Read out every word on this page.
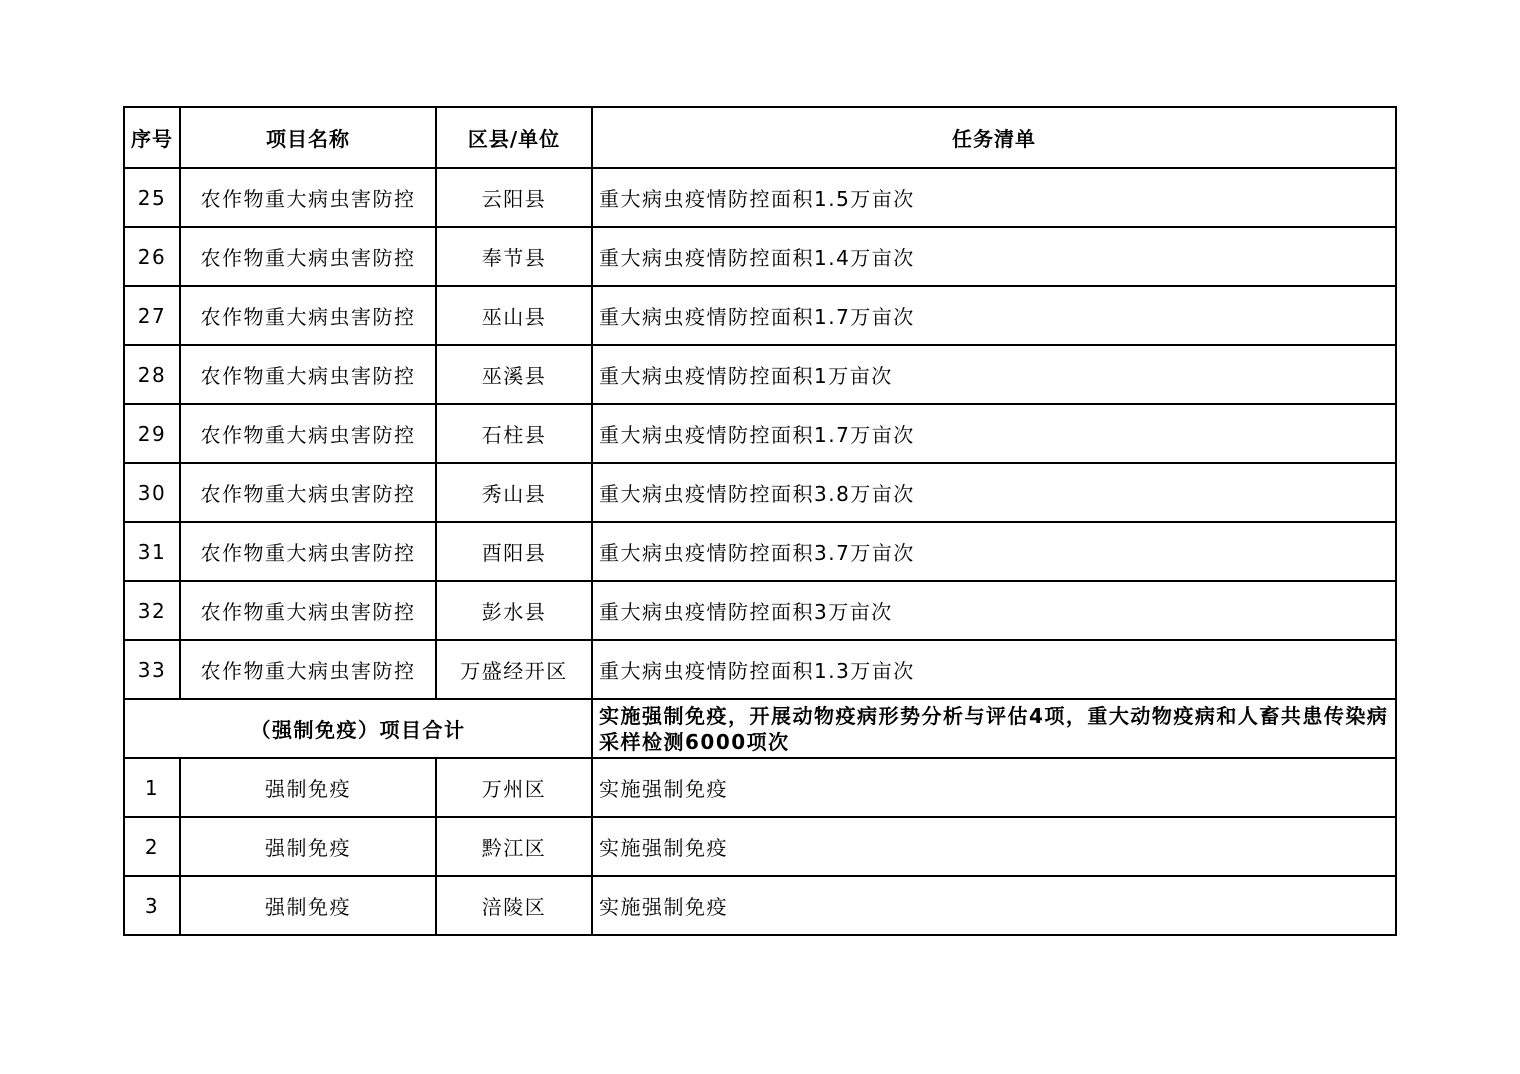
序号	项目名称	区县/单位	任务清单
25	农作物重大病虫害防控	云阳县	重大病虫疫情防控面积1.5万亩次
26	农作物重大病虫害防控	奉节县	重大病虫疫情防控面积1.4万亩次
27	农作物重大病虫害防控	巫山县	重大病虫疫情防控面积1.7万亩次
28	农作物重大病虫害防控	巫溪县	重大病虫疫情防控面积1万亩次
29	农作物重大病虫害防控	石柱县	重大病虫疫情防控面积1.7万亩次
30	农作物重大病虫害防控	秀山县	重大病虫疫情防控面积3.8万亩次
31	农作物重大病虫害防控	酉阳县	重大病虫疫情防控面积3.7万亩次
32	农作物重大病虫害防控	彭水县	重大病虫疫情防控面积3万亩次
33	农作物重大病虫害防控	万盛经开区	重大病虫疫情防控面积1.3万亩次
（强制免疫）项目合计			实施强制免疫，开展动物疫病形势分析与评估4项，重大动物疫病和人畜共患传染病采样检测6000项次
1	强制免疫	万州区	实施强制免疫
2	强制免疫	黔江区	实施强制免疫
3	强制免疫	涪陵区	实施强制免疫
